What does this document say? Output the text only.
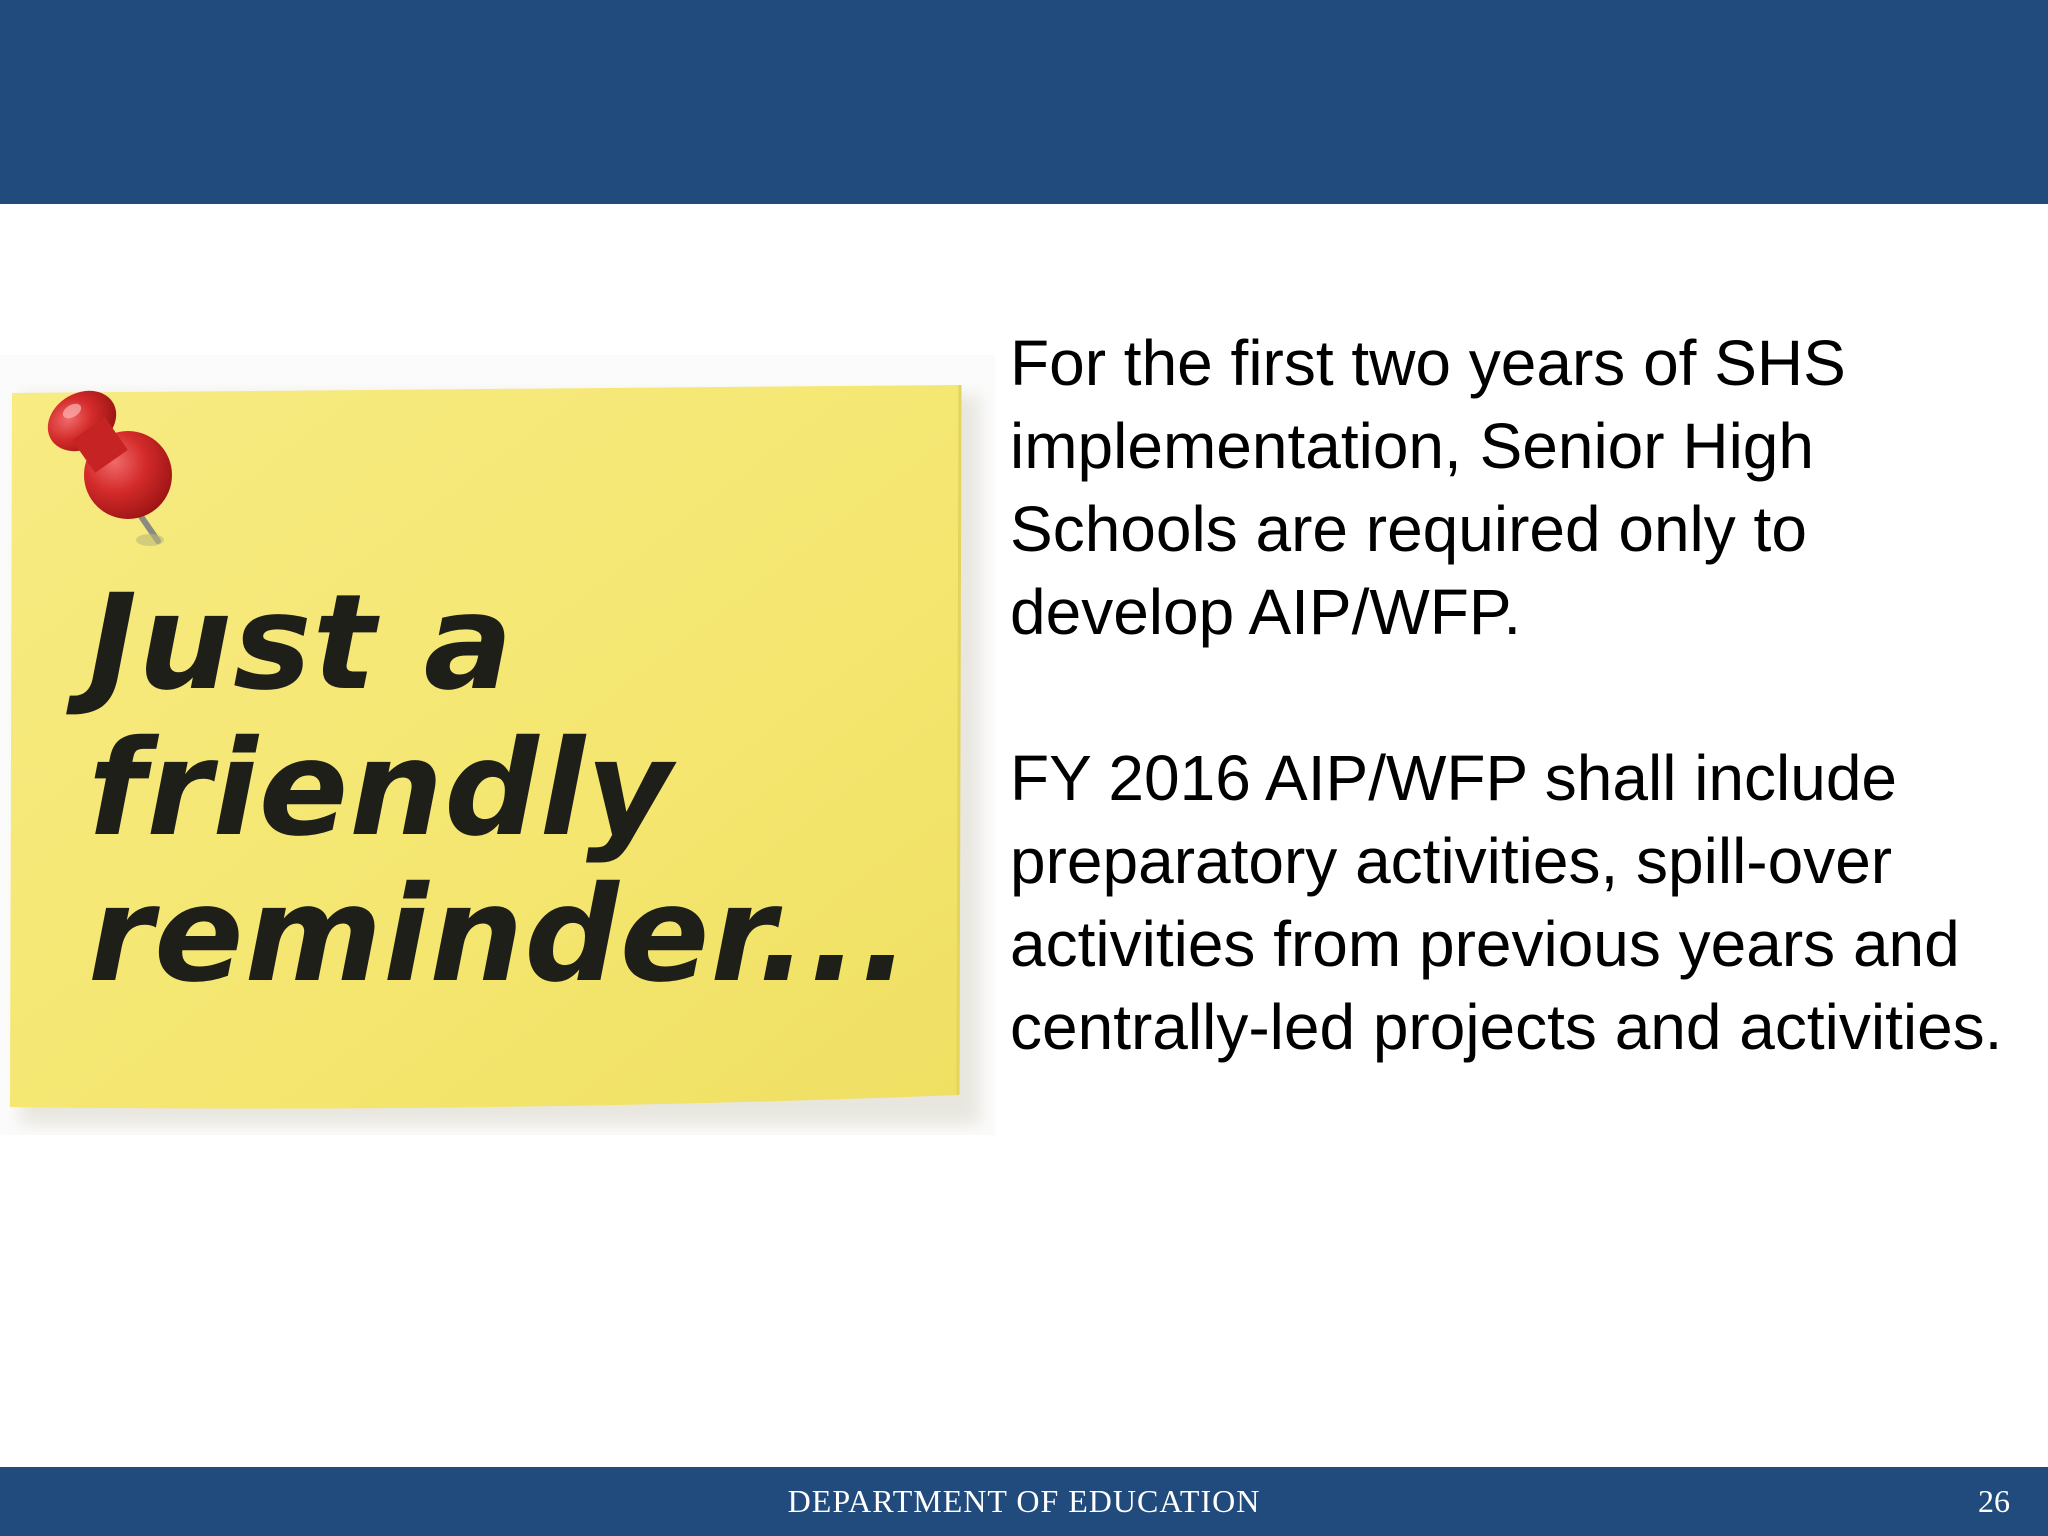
Just a
friendly
reminder...

For the first two years of SHS implementation, Senior High Schools are required only to develop AIP/WFP.

FY 2016 AIP/WFP shall include preparatory activities, spill-over activities from previous years and centrally-led projects and activities.

DEPARTMENT OF EDUCATION	26
